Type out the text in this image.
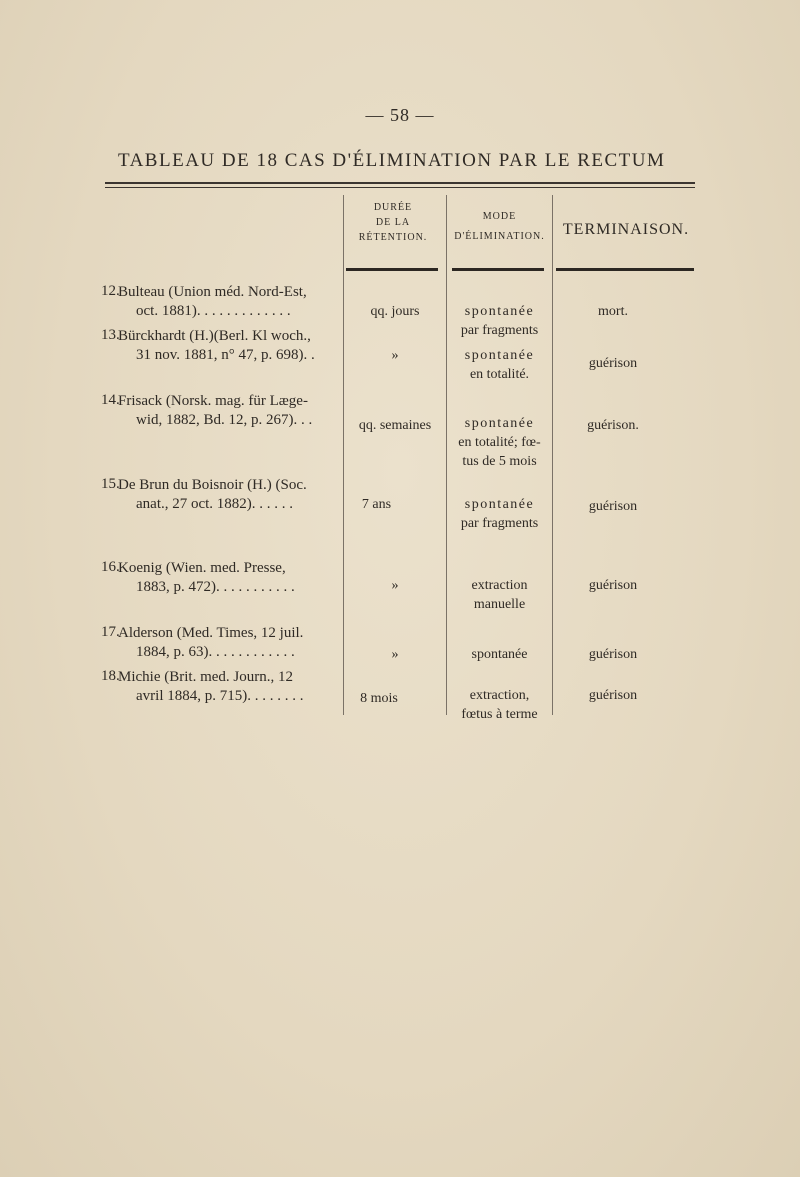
— 58 —
TABLEAU DE 18 CAS D'ÉLIMINATION PAR LE RECTUM
DURÉE
DE LA
RÉTENTION.
MODE
D'ÉLIMINATION.	TERMINAISON.
12.
Bulteau (Union méd. Nord-Est,
oct. 1881). . . . . . . . . . . . .	qq. jours	spontanée
par fragments
mort.
13.
Bürckhardt (H.)(Berl. Kl woch.,
31 nov. 1881, n° 47, p. 698). .	»	spontanée
en totalité.
guérison
14.
Frisack (Norsk. mag. für Læge-
wid, 1882, Bd. 12, p. 267). . .	qq. semaines	spontanée
en totalité; fœ-
tus de 5 mois
guérison.
15.
De Brun du Boisnoir (H.) (Soc.
anat., 27 oct. 1882). . . . . .	7 ans	spontanée
par fragments
guérison
16.
Koenig (Wien. med. Presse,
1883, p. 472). . . . . . . . . . .	»	extraction
manuelle
guérison
17.
Alderson (Med. Times, 12 juil.
1884, p. 63). . . . . . . . . . . .	»	spontanée	guérison
18.
Michie (Brit. med. Journ., 12
avril 1884, p. 715). . . . . . . .	8 mois	extraction,
fœtus à terme
guérison
